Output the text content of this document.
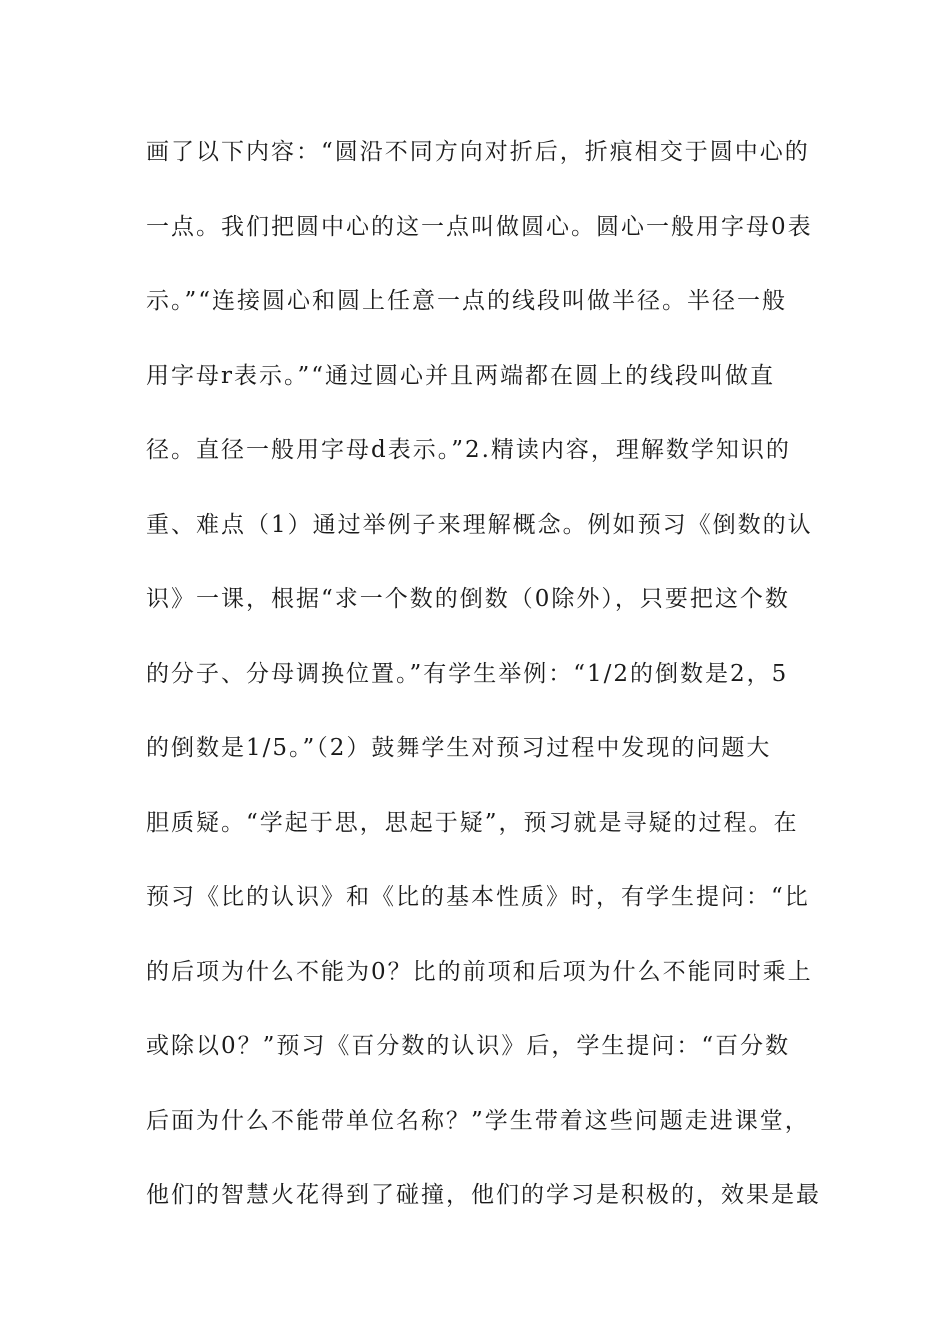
画了以下内容：“圆沿不同方向对折后，折痕相交于圆中心的
一点。我们把圆中心的这一点叫做圆心。圆心一般用字母0表
示。”“连接圆心和圆上任意一点的线段叫做半径。半径一般
用字母r表示。”“通过圆心并且两端都在圆上的线段叫做直
径。直径一般用字母d表示。”2.精读内容，理解数学知识的
重、难点（1）通过举例子来理解概念。例如预习《倒数的认
识》一课，根据“求一个数的倒数（0除外），只要把这个数
的分子、分母调换位置。”有学生举例：“1/2的倒数是2，5
的倒数是1/5。”（2）鼓舞学生对预习过程中发现的问题大
胆质疑。“学起于思，思起于疑”，预习就是寻疑的过程。在
预习《比的认识》和《比的基本性质》时，有学生提问：“比
的后项为什么不能为0？比的前项和后项为什么不能同时乘上
或除以0？”预习《百分数的认识》后，学生提问：“百分数
后面为什么不能带单位名称？”学生带着这些问题走进课堂，
他们的智慧火花得到了碰撞，他们的学习是积极的，效果是最
